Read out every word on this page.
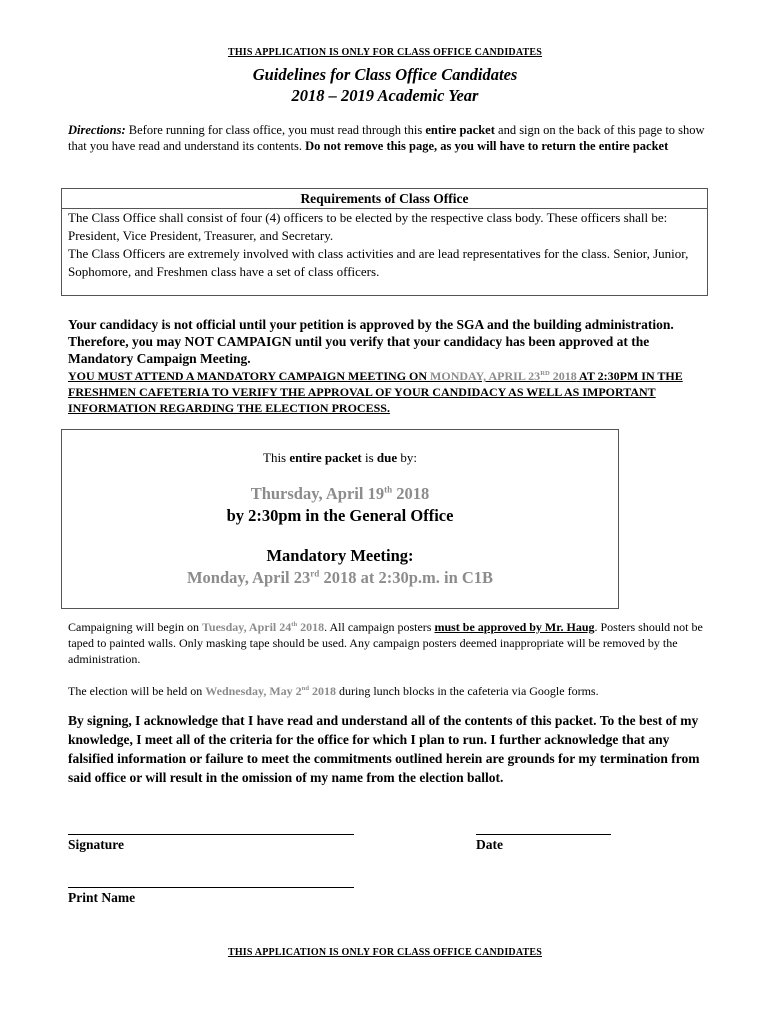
THIS APPLICATION IS ONLY FOR CLASS OFFICE CANDIDATES
Guidelines for Class Office Candidates
2018 – 2019 Academic Year
Directions: Before running for class office, you must read through this entire packet and sign on the back of this page to show that you have read and understand its contents. Do not remove this page, as you will have to return the entire packet
Requirements of Class Office
The Class Office shall consist of four (4) officers to be elected by the respective class body. These officers shall be: President, Vice President, Treasurer, and Secretary.
The Class Officers are extremely involved with class activities and are lead representatives for the class. Senior, Junior, Sophomore, and Freshmen class have a set of class officers.
Your candidacy is not official until your petition is approved by the SGA and the building administration. Therefore, you may NOT CAMPAIGN until you verify that your candidacy has been approved at the Mandatory Campaign Meeting.
YOU MUST ATTEND A MANDATORY CAMPAIGN MEETING ON MONDAY, APRIL 23RD 2018 AT 2:30PM IN THE FRESHMEN CAFETERIA TO VERIFY THE APPROVAL OF YOUR CANDIDACY AS WELL AS IMPORTANT INFORMATION REGARDING THE ELECTION PROCESS.
This entire packet is due by:
Thursday, April 19th 2018
by 2:30pm in the General Office
Mandatory Meeting:
Monday, April 23rd 2018 at 2:30p.m. in C1B
Campaigning will begin on Tuesday, April 24th 2018. All campaign posters must be approved by Mr. Haug. Posters should not be taped to painted walls. Only masking tape should be used. Any campaign posters deemed inappropriate will be removed by the administration.
The election will be held on Wednesday, May 2nd 2018 during lunch blocks in the cafeteria via Google forms.
By signing, I acknowledge that I have read and understand all of the contents of this packet. To the best of my knowledge, I meet all of the criteria for the office for which I plan to run. I further acknowledge that any falsified information or failure to meet the commitments outlined herein are grounds for my termination from said office or will result in the omission of my name from the election ballot.
Signature	Date
Print Name
THIS APPLICATION IS ONLY FOR CLASS OFFICE CANDIDATES
